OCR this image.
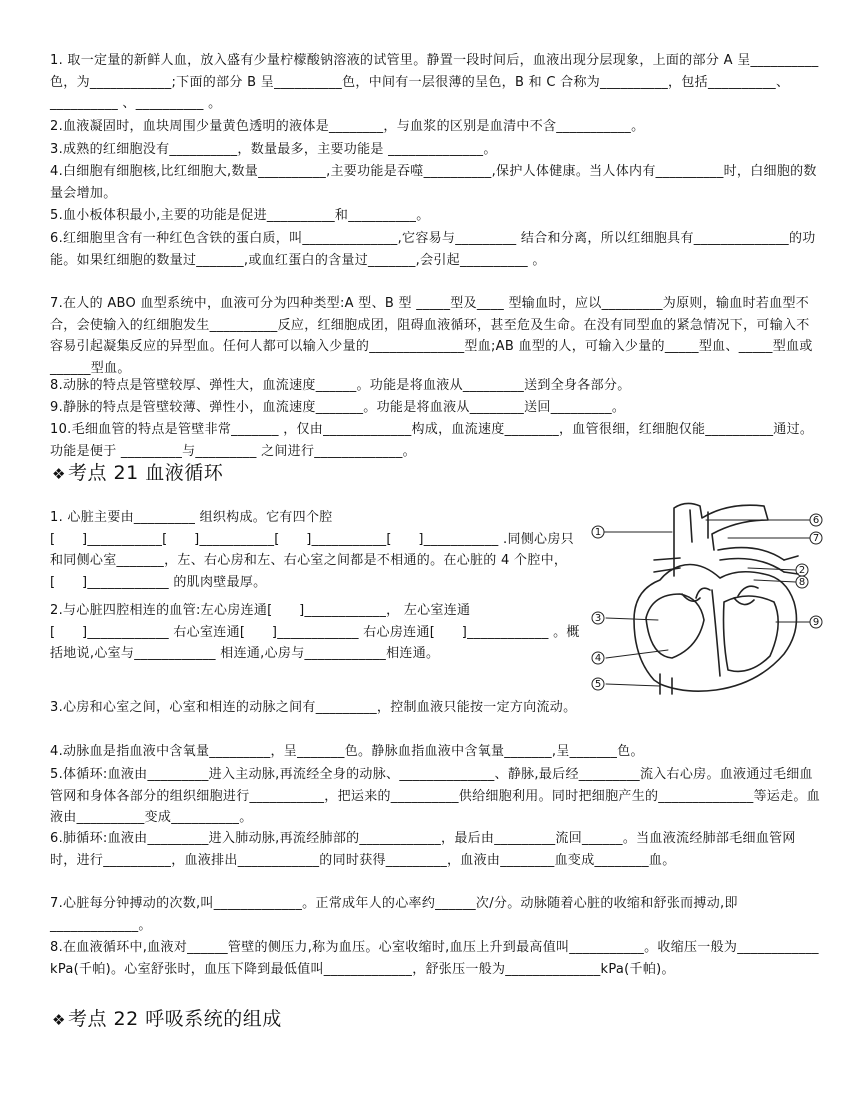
1. 取一定量的新鲜人血，放入盛有少量柠檬酸钠溶液的试管里。静置一段时间后，血液出现分层现象，上面的部分 A 呈__________色，为____________;下面的部分 B 呈__________色，中间有一层很薄的呈色，B 和 C 合称为__________，包括__________、__________ 、__________ 。

2.血液凝固时，血块周围少量黄色透明的液体是________，与血浆的区别是血清中不含___________。

3.成熟的红细胞没有__________，数量最多，主要功能是 ______________。

4.白细胞有细胞核,比红细胞大,数量__________,主要功能是吞噬__________,保护人体健康。当人体内有__________时，白细胞的数量会增加。

5.血小板体积最小,主要的功能是促进__________和__________。

6.红细胞里含有一种红色含铁的蛋白质，叫______________,它容易与_________ 结合和分离，所以红细胞具有______________的功能。如果红细胞的数量过_______,或血红蛋白的含量过_______,会引起__________ 。

7.在人的 ABO 血型系统中，血液可分为四种类型:A 型、B 型 _____型及____ 型输血时，应以_________为原则，输血时若血型不合，会使输入的红细胞发生__________反应，红细胞成团，阻碍血液循环，甚至危及生命。在没有同型血的紧急情况下，可输入不容易引起凝集反应的异型血。任何人都可以输入少量的______________型血;AB 血型的人，可输入少量的_____型血、_____型血或 ______型血。

8.动脉的特点是管壁较厚、弹性大，血流速度______。功能是将血液从_________送到全身各部分。

9.静脉的特点是管壁较薄、弹性小，血流速度_______。功能是将血液从________送回_________。

10.毛细血管的特点是管壁非常_______ ，仅由_____________构成，血流速度________，血管很细，红细胞仅能__________通过。功能是便于 _________与_________ 之间进行_____________。

❖ 考点 21 血液循环

1. 心脏主要由_________ 组织构成。它有四个腔[　　]___________[　　]___________[　　]___________[　　]___________ .同侧心房只和同侧心室_______，左、右心房和左、右心室之间都是不相通的。在心脏的 4 个腔中，[　　]____________ 的肌肉壁最厚。

2.与心脏四腔相连的血管:左心房连通[　　]____________， 左心室连通[　　]____________ 右心室连通[　　]____________ 右心房连通[　　]____________ 。概括地说,心室与____________ 相连通,心房与____________相连通。

3.心房和心室之间，心室和相连的动脉之间有_________，控制血液只能按一定方向流动。

4.动脉血是指血液中含氧量_________，呈_______色。静脉血指血液中含氧量_______,呈_______色。

5.体循环:血液由_________进入主动脉,再流经全身的动脉、______________、静脉,最后经_________流入右心房。血液通过毛细血管网和身体各部分的组织细胞进行___________，把运来的__________供给细胞利用。同时把细胞产生的______________等运走。血液由__________变成__________。

6.肺循环:血液由_________进入肺动脉,再流经肺部的____________，最后由_________流回______。当血液流经肺部毛细血管网时，进行__________，血液排出____________的同时获得_________，血液由________血变成________血。

7.心脏每分钟搏动的次数,叫_____________。正常成年人的心率约______次/分。动脉随着心脏的收缩和舒张而搏动,即_____________。

8.在血液循环中,血液对______管壁的侧压力,称为血压。心室收缩时,血压上升到最高值叫___________。收缩压一般为____________ kPa(千帕)。心室舒张时，血压下降到最低值叫_____________，舒张压一般为______________kPa(千帕)。

❖ 考点 22 呼吸系统的组成
1
3
4
5
6
7
2
8
9
